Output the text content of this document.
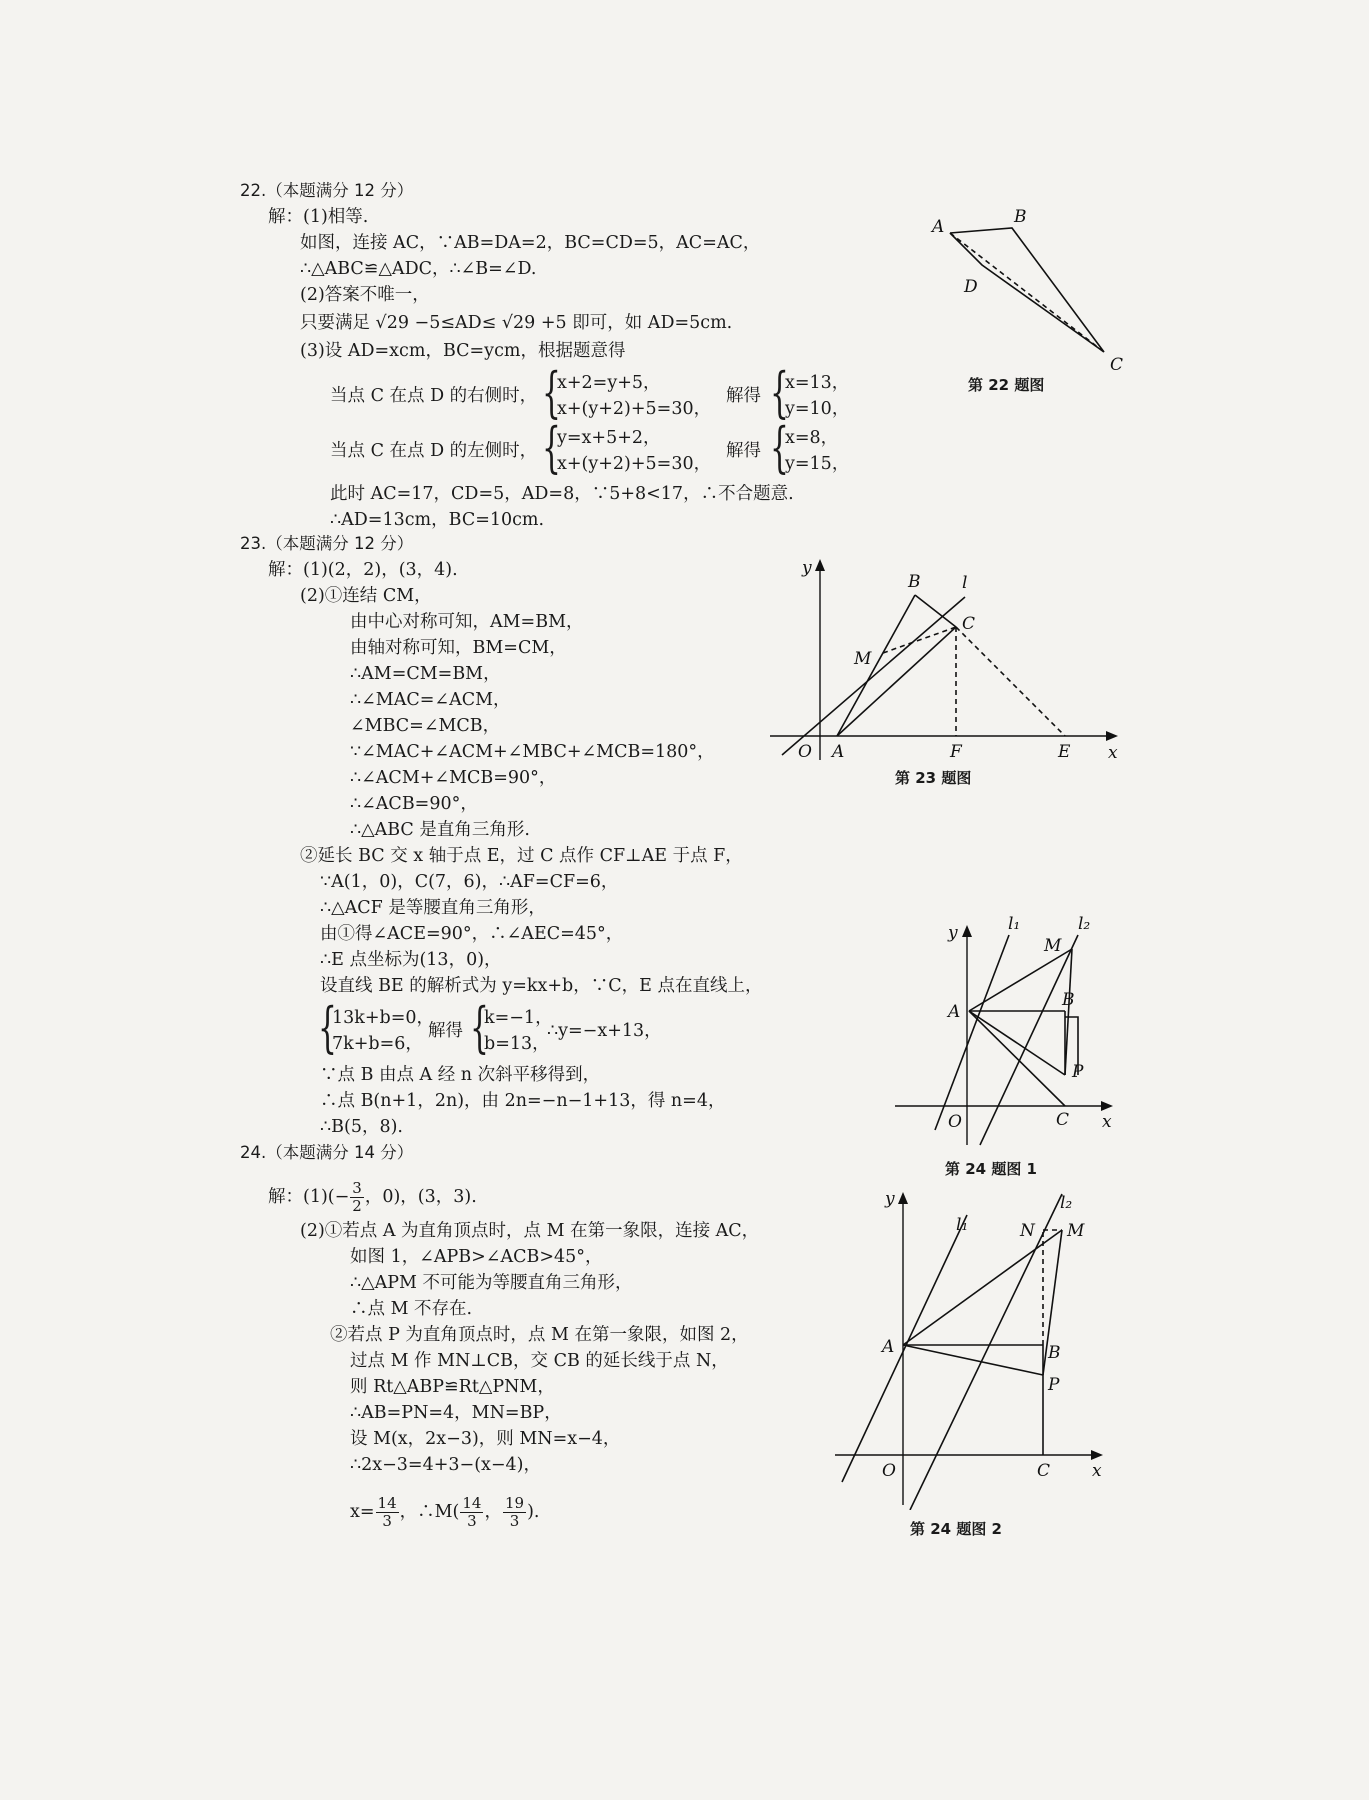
22.（本题满分 12 分）
解：(1)相等.
如图，连接 AC，∵AB=DA=2，BC=CD=5，AC=AC，
∴△ABC≌△ADC，∴∠B=∠D.
(2)答案不唯一，
只要满足 √29 −5≤AD≤ √29 +5 即可，如 AD=5cm.
(3)设 AD=xcm，BC=ycm，根据题意得
当点 C 在点 D 的右侧时， {
x+2=y+5，
x+(y+2)+5=30，
解得 {
x=13，
y=10，
当点 C 在点 D 的左侧时， {
y=x+5+2，
x+(y+2)+5=30，
解得 {
x=8，
y=15，
此时 AC=17，CD=5，AD=8，∵5+8<17，∴不合题意.
∴AD=13cm，BC=10cm.
A	B
D
C
第 22 题图
23.（本题满分 12 分）
解：(1)(2，2)，(3，4).
(2)①连结 CM，
由中心对称可知，AM=BM，
由轴对称可知，BM=CM，
∴AM=CM=BM，
∴∠MAC=∠ACM，
∠MBC=∠MCB，
∵∠MAC+∠ACM+∠MBC+∠MCB=180°，
∴∠ACM+∠MCB=90°，
∴∠ACB=90°，
∴△ABC 是直角三角形.
②延长 BC 交 x 轴于点 E，过 C 点作 CF⊥AE 于点 F，
∵A(1，0)，C(7，6)，∴AF=CF=6，
∴△ACF 是等腰直角三角形，
由①得∠ACE=90°，∴∠AEC=45°，
∴E 点坐标为(13，0)，
设直线 BE 的解析式为 y=kx+b，∵C，E 点在直线上，
{
13k+b=0，
7k+b=6，
解得 {
k=−1，
b=13，
∴y=−x+13，
∵点 B 由点 A 经 n 次斜平移得到，
∴点 B(n+1，2n)，由 2n=−n−1+13，得 n=4，
∴B(5，8).
y
x
O A	F	E
B
C
M
l
第 23 题图
24.（本题满分 14 分）
解：$(1)(- \frac{3}{2}$ ，0)，(3，3).
(2)①若点 A 为直角顶点时，点 M 在第一象限，连接 AC，
如图 1，∠APB>∠ACB>45°，
∴△APM 不可能为等腰直角三角形，
∴点 M 不存在.
②若点 P 为直角顶点时，点 M 在第一象限，如图 2，
过点 M 作 MN⊥CB，交 CB 的延长线于点 N，
则 Rt△ABP≌Rt△PNM，
∴AB=PN=4，MN=BP，
设 M(x，2x−3)，则 MN=x−4，
∴2x−3=4+3−(x−4)，
$x= \frac{14}{3}$ ，∴M( $\frac{14}{3}$ ， $\frac{19}{3}$ ).
y
x
O
A
B
P
C
M
l₁	l₂
第 24 题图 1
y
x
O
A	B
P
C
M
N
l₁
l₂
第 24 题图 2
